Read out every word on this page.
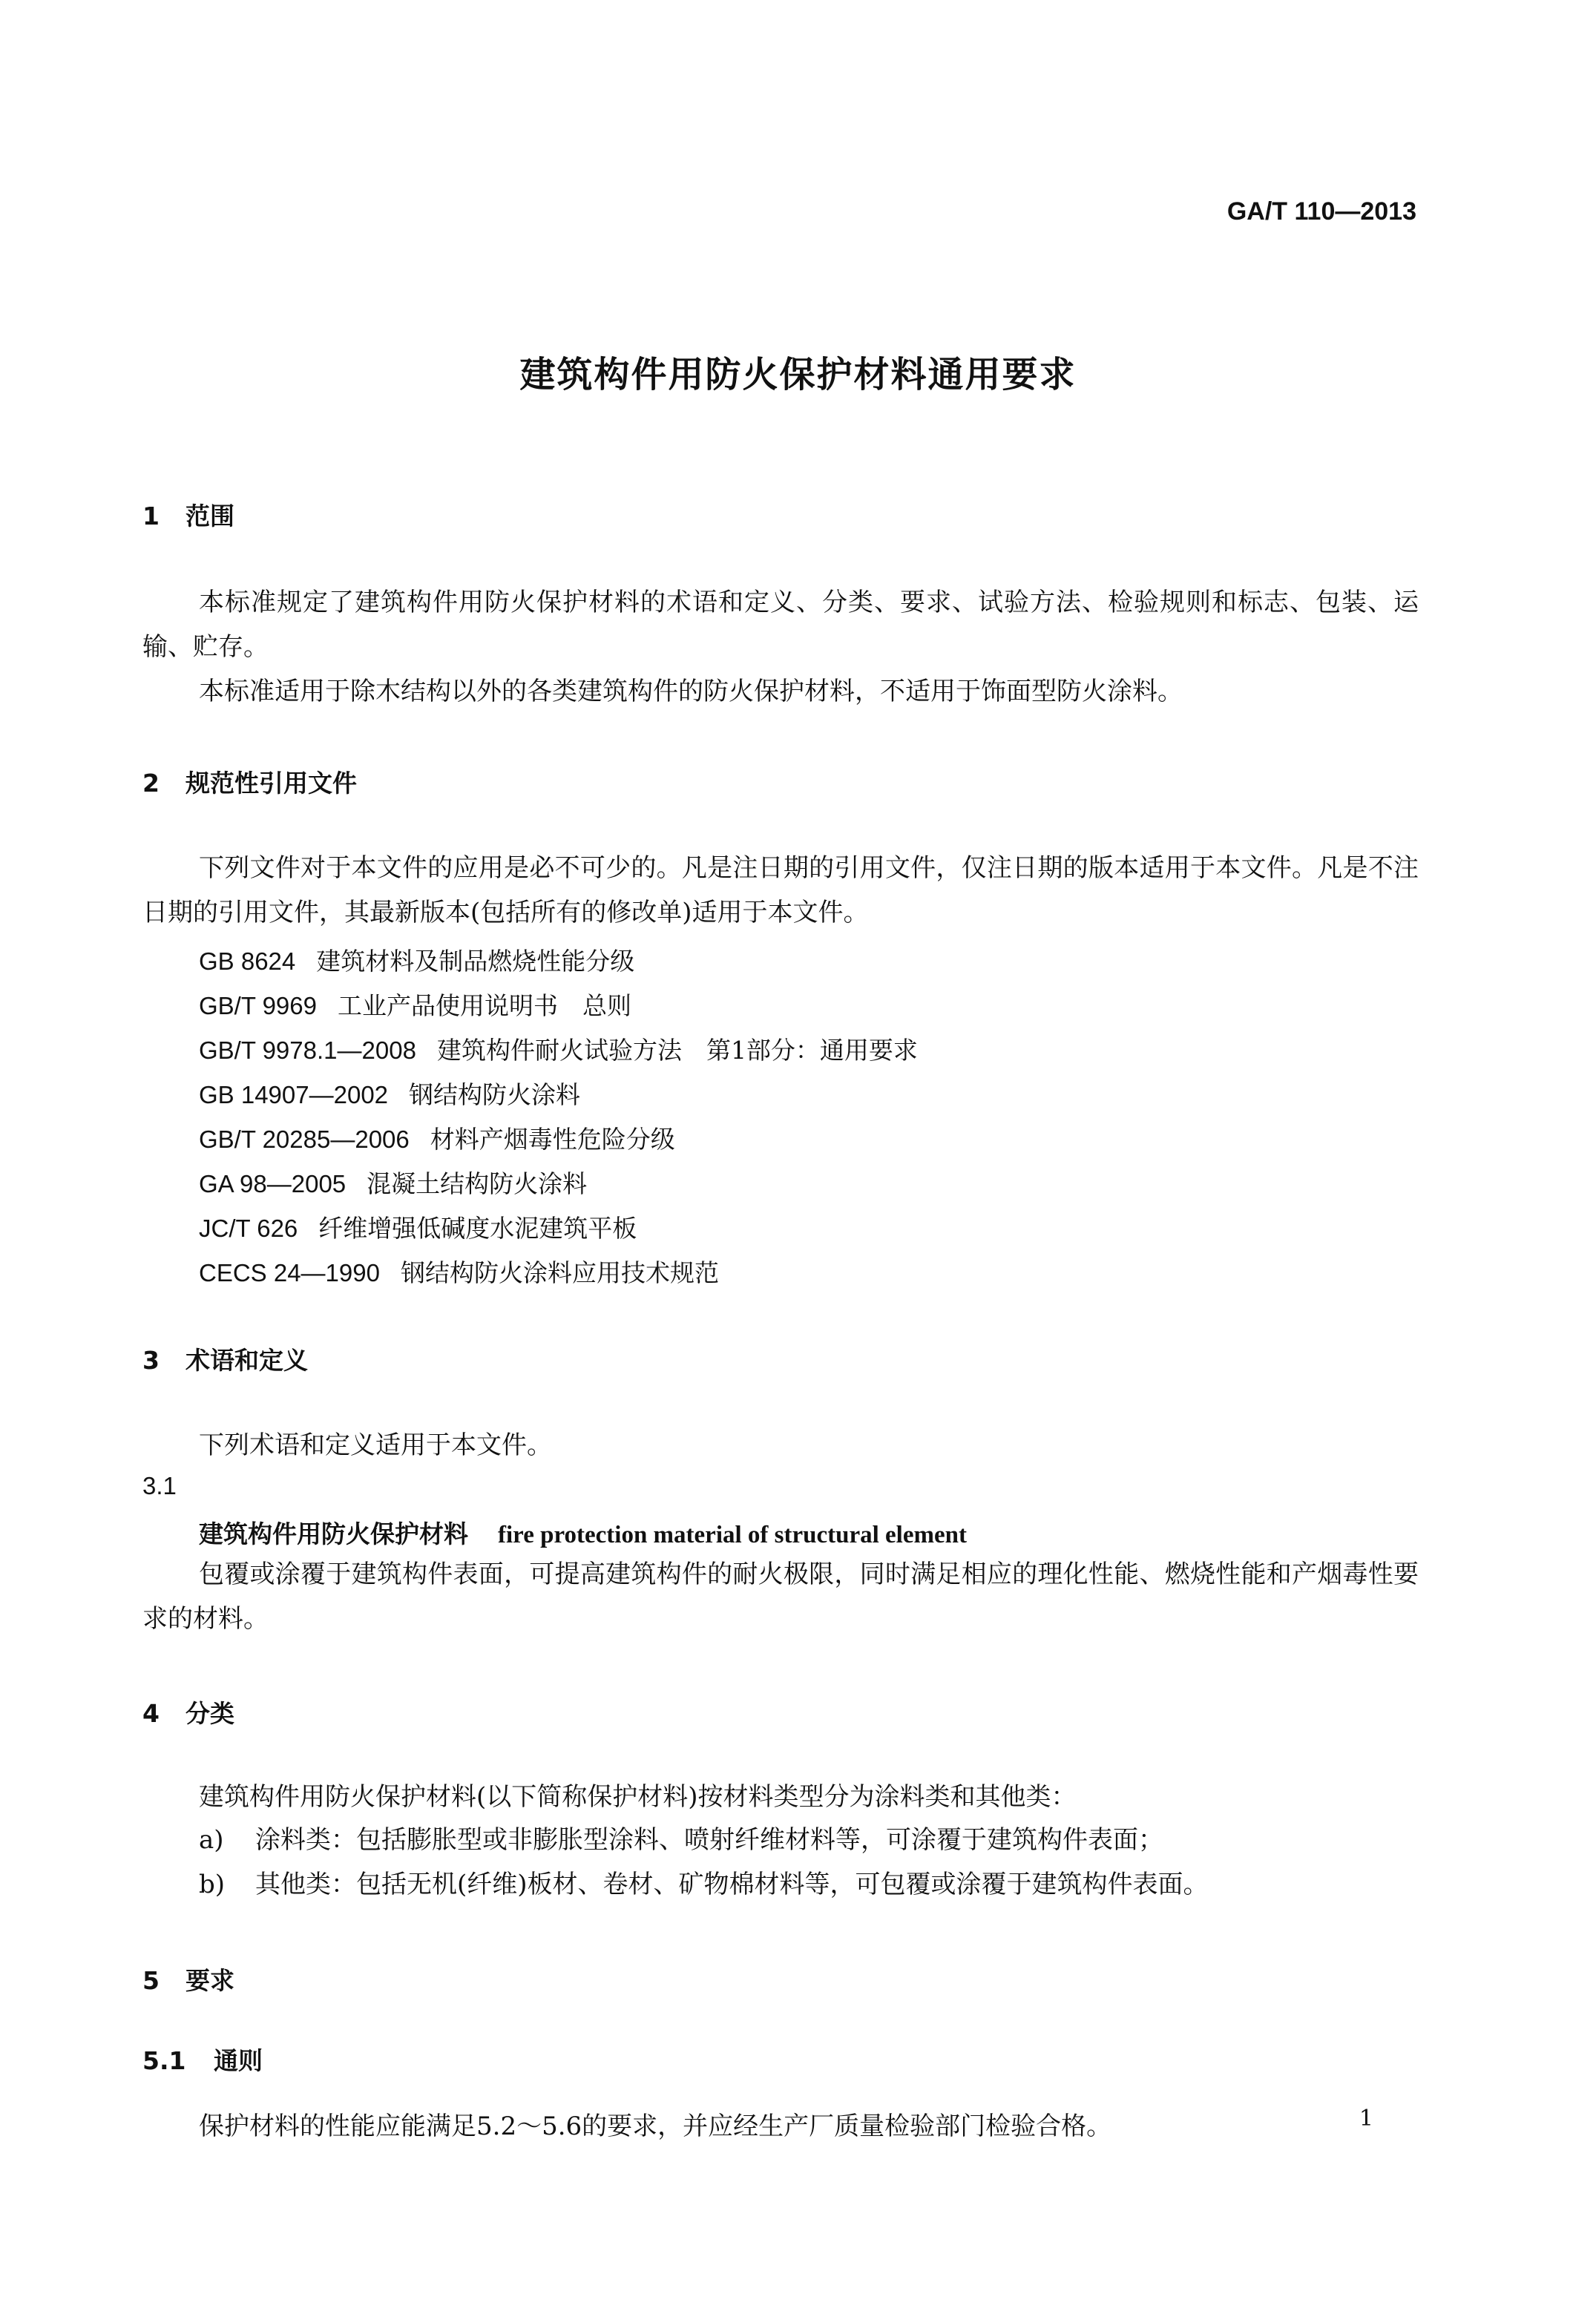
GA/T 110—2013
建筑构件用防火保护材料通用要求
1 范围
本标准规定了建筑构件用防火保护材料的术语和定义、分类、要求、试验方法、检验规则和标志、包装、运输、贮存。
本标准适用于除木结构以外的各类建筑构件的防火保护材料，不适用于饰面型防火涂料。
2 规范性引用文件
下列文件对于本文件的应用是必不可少的。凡是注日期的引用文件，仅注日期的版本适用于本文件。凡是不注日期的引用文件，其最新版本(包括所有的修改单)适用于本文件。
GB 8624 建筑材料及制品燃烧性能分级
GB/T 9969 工业产品使用说明书　总则
GB/T 9978.1—2008 建筑构件耐火试验方法　第1部分：通用要求
GB 14907—2002 钢结构防火涂料
GB/T 20285—2006 材料产烟毒性危险分级
GA 98—2005 混凝土结构防火涂料
JC/T 626 纤维增强低碱度水泥建筑平板
CECS 24—1990 钢结构防火涂料应用技术规范
3 术语和定义
下列术语和定义适用于本文件。
3.1
建筑构件用防火保护材料 fire protection material of structural element
包覆或涂覆于建筑构件表面，可提高建筑构件的耐火极限，同时满足相应的理化性能、燃烧性能和产烟毒性要求的材料。
4 分类
建筑构件用防火保护材料(以下简称保护材料)按材料类型分为涂料类和其他类：
a) 涂料类：包括膨胀型或非膨胀型涂料、喷射纤维材料等，可涂覆于建筑构件表面；
b) 其他类：包括无机(纤维)板材、卷材、矿物棉材料等，可包覆或涂覆于建筑构件表面。
5 要求
5.1 通则
保护材料的性能应能满足5.2～5.6的要求，并应经生产厂质量检验部门检验合格。	1
